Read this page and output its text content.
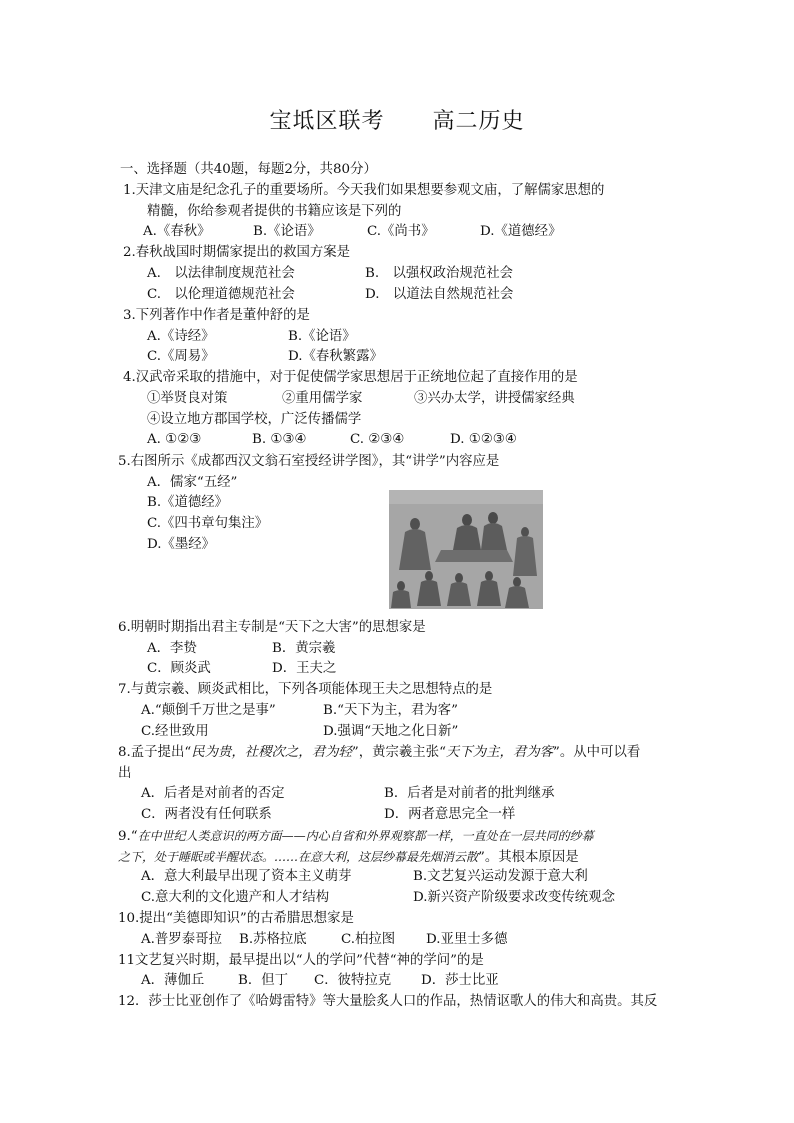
宝坻区联考 高二历史
一、选择题（共40题，每题2分，共80分）
1.天津文庙是纪念孔子的重要场所。今天我们如果想要参观文庙，了解儒家思想的
精髓，你给参观者提供的书籍应该是下列的
A.《春秋》	B.《论语》	C.《尚书》	D.《道德经》
2.春秋战国时期儒家提出的救国方案是
A.　以法律制度规范社会	B.　以强权政治规范社会
C.　以伦理道德规范社会	D.　以道法自然规范社会
3.下列著作中作者是董仲舒的是
A.《诗经》	B.《论语》
C.《周易》	D.《春秋繁露》
4.汉武帝采取的措施中，对于促使儒学家思想居于正统地位起了直接作用的是
①举贤良对策	②重用儒学家	③兴办太学，讲授儒家经典
④设立地方郡国学校，广泛传播儒学
A. ①②③	B. ①③④	C. ②③④	D. ①②③④
5.右图所示《成都西汉文翁石室授经讲学图》，其“讲学”内容应是
A．儒家“五经”
B.《道德经》
C.《四书章句集注》
D.《墨经》
6.明朝时期指出君主专制是“天下之大害”的思想家是
A．李贽	B．黄宗羲
C．顾炎武	D．王夫之
7.与黄宗羲、顾炎武相比，下列各项能体现王夫之思想特点的是
A.“颠倒千万世之是事”	B.“天下为主，君为客”
C.经世致用	D.强调“天地之化日新”
8.孟子提出“民为贵，社稷次之，君为轻”，黄宗羲主张“天下为主，君为客”。从中可以看
出
A．后者是对前者的否定	B．后者是对前者的批判继承
C．两者没有任何联系	D．两者意思完全一样
9.“在中世纪人类意识的两方面——内心自省和外界观察都一样，一直处在一层共同的纱幕
之下，处于睡眠或半醒状态。……在意大利，这层纱幕最先烟消云散”。其根本原因是
A．意大利最早出现了资本主义萌芽	B.文艺复兴运动发源于意大利
C.意大利的文化遗产和人才结构	D.新兴资产阶级要求改变传统观念
10.提出“美德即知识”的古希腊思想家是
A.普罗泰哥拉 B.苏格拉底	C.柏拉图 D.亚里士多德
11文艺复兴时期，最早提出以“人的学问”代替“神的学问”的是
A．薄伽丘	B．但丁 C．彼特拉克 D．莎士比亚
12．莎士比亚创作了《哈姆雷特》等大量脍炙人口的作品，热情讴歌人的伟大和高贵。其反
